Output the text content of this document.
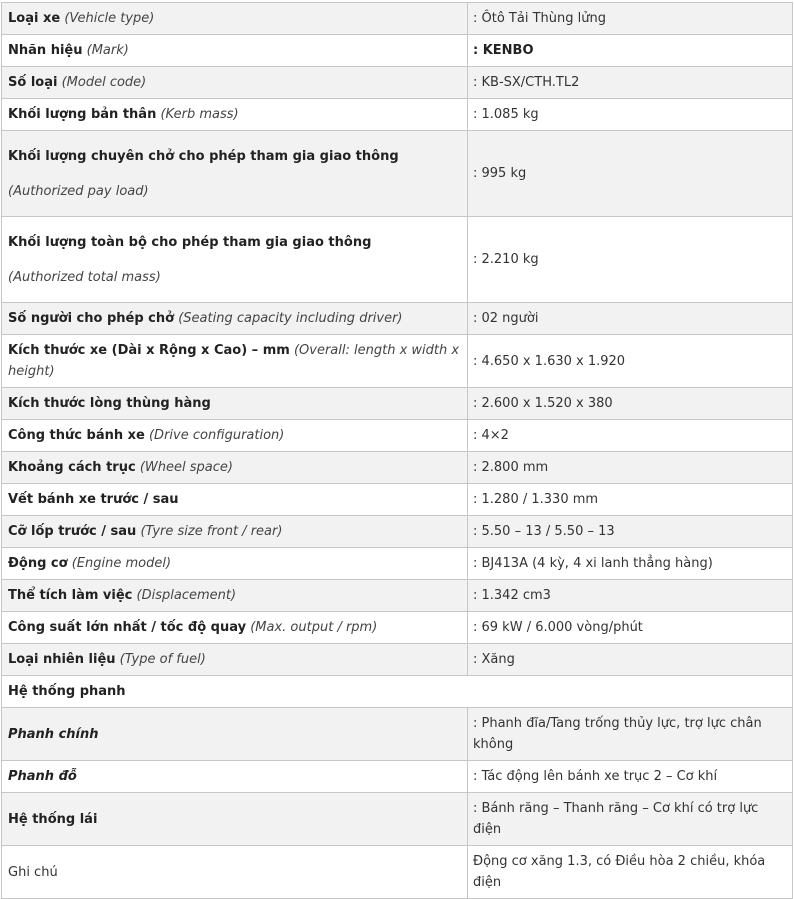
Loại xe (Vehicle type)	: Ôtô Tải Thùng lửng
Nhãn hiệu (Mark)	: KENBO
Số loại (Model code)	: KB-SX/CTH.TL2
Khối lượng bản thân (Kerb mass)	: 1.085 kg

Khối lượng chuyên chở cho phép tham gia giao thông
(Authorized pay load)	: 995 kg

Khối lượng toàn bộ cho phép tham gia giao thông
(Authorized total mass)	: 2.210 kg
Số người cho phép chở (Seating capacity including driver)	: 02 người
Kích thước xe (Dài x Rộng x Cao) – mm (Overall: length x width x height)	: 4.650 x 1.630 x 1.920
Kích thước lòng thùng hàng	: 2.600 x 1.520 x 380
Công thức bánh xe (Drive configuration)	: 4×2
Khoảng cách trục (Wheel space)	: 2.800 mm
Vết bánh xe trước / sau	: 1.280 / 1.330 mm
Cỡ lốp trước / sau (Tyre size front / rear)	: 5.50 – 13 / 5.50 – 13
Động cơ (Engine model)	: BJ413A (4 kỳ, 4 xi lanh thẳng hàng)
Thể tích làm việc (Displacement)	: 1.342 cm3
Công suất lớn nhất / tốc độ quay (Max. output / rpm)	: 69 kW / 6.000 vòng/phút
Loại nhiên liệu (Type of fuel)	: Xăng
Hệ thống phanh	
Phanh chính	: Phanh đĩa/Tang trống thủy lực, trợ lực chân không
Phanh đỗ	: Tác động lên bánh xe trục 2 – Cơ khí
Hệ thống lái	: Bánh răng – Thanh răng – Cơ khí có trợ lực điện
Ghi chú	Động cơ xăng 1.3, có Điều hòa 2 chiều, khóa điện
